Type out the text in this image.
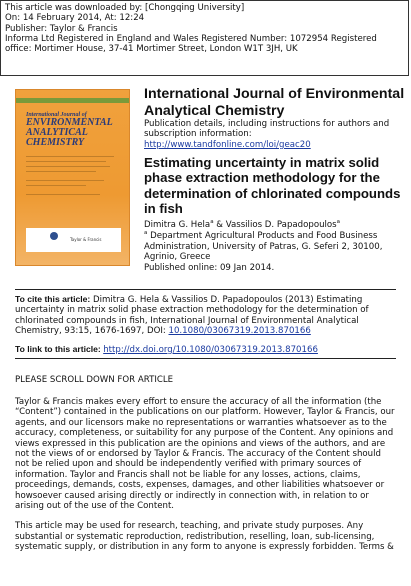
This article was downloaded by: [Chongqing University]
On: 14 February 2014, At: 12:24
Publisher: Taylor & Francis
Informa Ltd Registered in England and Wales Registered Number: 1072954 Registered
office: Mortimer House, 37-41 Mortimer Street, London W1T 3JH, UK
International Journal of
ENVIRONMENTAL
ANALYTICAL
CHEMISTRY
Taylor & Francis
International Journal of Environmental Analytical Chemistry
Publication details, including instructions for authors and
subscription information:
http://www.tandfonline.com/loi/geac20
Estimating uncertainty in matrix solid phase extraction methodology for the determination of chlorinated compounds in fish
Dimitra G. Hela$^a$ & Vassilios D. Papadopoulos$^a$
$^a$ Department Agricultural Products and Food Business Administration, University of Patras, G. Seferi 2, 30100, Agrinio, Greece
Published online: 09 Jan 2014.
To cite this article: Dimitra G. Hela & Vassilios D. Papadopoulos (2013) Estimating uncertainty in matrix solid phase extraction methodology for the determination of chlorinated compounds in fish, International Journal of Environmental Analytical Chemistry, 93:15, 1676-1697, DOI: 10.1080/03067319.2013.870166
To link to this article: http://dx.doi.org/10.1080/03067319.2013.870166
PLEASE SCROLL DOWN FOR ARTICLE

Taylor & Francis makes every effort to ensure the accuracy of all the information (the “Content”) contained in the publications on our platform. However, Taylor & Francis, our agents, and our licensors make no representations or warranties whatsoever as to the accuracy, completeness, or suitability for any purpose of the Content. Any opinions and views expressed in this publication are the opinions and views of the authors, and are not the views of or endorsed by Taylor & Francis. The accuracy of the Content should not be relied upon and should be independently verified with primary sources of information. Taylor and Francis shall not be liable for any losses, actions, claims, proceedings, demands, costs, expenses, damages, and other liabilities whatsoever or howsoever caused arising directly or indirectly in connection with, in relation to or arising out of the use of the Content.

This article may be used for research, teaching, and private study purposes. Any substantial or systematic reproduction, redistribution, reselling, loan, sub-licensing, systematic supply, or distribution in any form to anyone is expressly forbidden. Terms &
